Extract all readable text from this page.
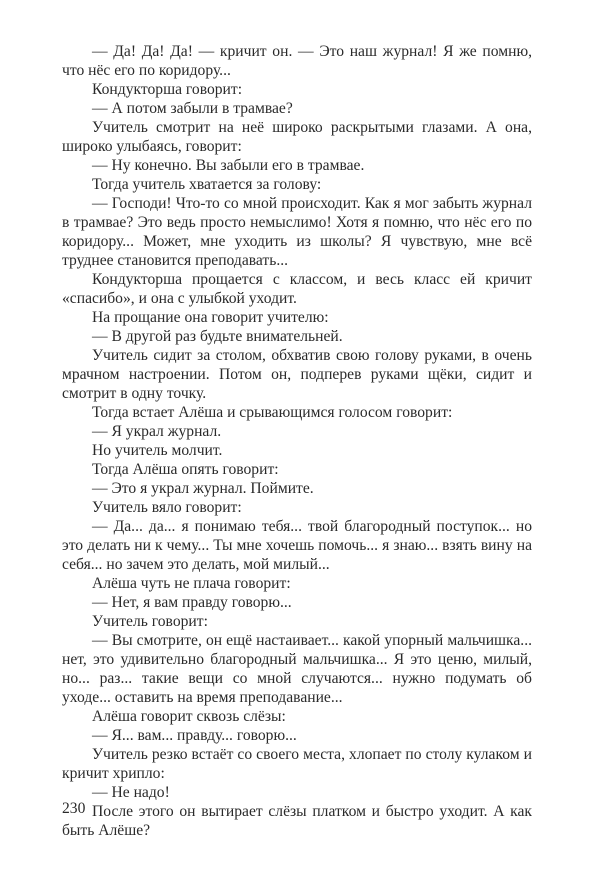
— Да! Да! Да! — кричит он. — Это наш журнал! Я же помню, что нёс его по коридору...

Кондукторша говорит:

— А потом забыли в трамвае?

Учитель смотрит на неё широко раскрытыми глазами. А она, широко улыбаясь, говорит:

— Ну конечно. Вы забыли его в трамвае.

Тогда учитель хватается за голову:

— Господи! Что-то со мной происходит. Как я мог забыть журнал в трамвае? Это ведь просто немыслимо! Хотя я помню, что нёс его по коридору... Может, мне уходить из школы? Я чувствую, мне всё труднее становится преподавать...

Кондукторша прощается с классом, и весь класс ей кричит «спасибо», и она с улыбкой уходит.

На прощание она говорит учителю:

— В другой раз будьте внимательней.

Учитель сидит за столом, обхватив свою голову руками, в очень мрачном настроении. Потом он, подперев руками щёки, сидит и смотрит в одну точку.

Тогда встает Алёша и срывающимся голосом говорит:

— Я украл журнал.

Но учитель молчит.

Тогда Алёша опять говорит:

— Это я украл журнал. Поймите.

Учитель вяло говорит:

— Да... да... я понимаю тебя... твой благородный поступок... но это делать ни к чему... Ты мне хочешь помочь... я знаю... взять вину на себя... но зачем это делать, мой милый...

Алёша чуть не плача говорит:

— Нет, я вам правду говорю...

Учитель говорит:

— Вы смотрите, он ещё настаивает... какой упорный мальчишка... нет, это удивительно благородный мальчишка... Я это ценю, милый, но... раз... такие вещи со мной случаются... нужно подумать об уходе... оставить на время преподавание...

Алёша говорит сквозь слёзы:

— Я... вам... правду... говорю...

Учитель резко встаёт со своего места, хлопает по столу кулаком и кричит хрипло:

— Не надо!

После этого он вытирает слёзы платком и быстро уходит. А как быть Алёше?

230
